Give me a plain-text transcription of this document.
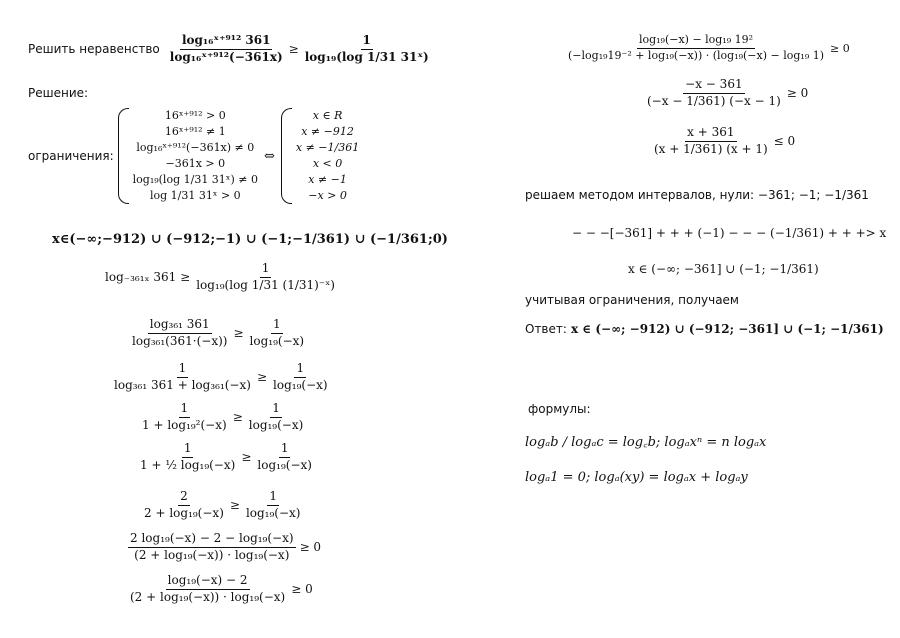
Решить неравенство $\frac{\text{log₁₆ˣ⁺⁹¹² 361}}{\text{log₁₆ˣ⁺⁹¹²(−361x)}} \ge \frac{1}{\text{log₁₉(log 1/31 31ˣ)}}$
Решение:
ограничения:
16ˣ⁺⁹¹² > 0
16ˣ⁺⁹¹² ≠ 1
log₁₆ˣ⁺⁹¹²(−361x) ≠ 0
−361x > 0
log₁₉(log 1/31 31ˣ) ≠ 0
log 1/31 31ˣ > 0
⇔
x ∈ R
x ≠ −912
x ≠ −1/361
x < 0
x ≠ −1
−x > 0
x∈(−∞;−912) ∪ (−912;−1) ∪ (−1;−1/361) ∪ (−1/361;0)
log₋₃₆₁ₓ $361 \ge \frac{1}{\text{log₁₉(log 1/31 (1/31)⁻ˣ)}}$
$\frac{\text{log₃₆₁ 361}}{\text{log₃₆₁(361·(−x))}} \ge \frac{1}{\text{log₁₉(−x)}}$
$\frac{1}{\text{log₃₆₁ 361 + log₃₆₁(−x)}} \ge \frac{1}{\text{log₁₉(−x)}}$
$\frac{1}{\text{1 + log₁₉²(−x)}} \ge \frac{1}{\text{log₁₉(−x)}}$
$\frac{1}{\text{1 + ½ log₁₉(−x)}} \ge \frac{1}{\text{log₁₉(−x)}}$
$\frac{2}{\text{2 + log₁₉(−x)}} \ge \frac{1}{\text{log₁₉(−x)}}$
$\frac{\text{2 log₁₉(−x) − 2 − log₁₉(−x)}}{\text{(2 + log₁₉(−x)) · log₁₉(−x)}} \ge 0$
$\frac{\text{log₁₉(−x) − 2}}{\text{(2 + log₁₉(−x)) · log₁₉(−x)}} \ge 0$
$\frac{\text{log₁₉(−x) − log₁₉ 19²}}{\text{(−log₁₉19⁻² + log₁₉(−x)) · (log₁₉(−x) − log₁₉ 1)}} \ge 0$
$\frac{-x - 361}{(-x - 1/361) (-x - 1)} \ge 0$
$\frac{x + 361}{(x + 1/361) (x + 1)} \le 0$
решаем методом интервалов, нули: −361; −1; −1/361
− − −[−361] + + + (−1) − − − (−1/361) + + +> x
x ∈ (−∞; −361] ∪ (−1; −1/361)
учитывая ограничения, получаем
Ответ: x ∈ (−∞; −912) ∪ (−912; −361] ∪ (−1; −1/361)
формулы:
logₐb / logₐc = log꜀b; logₐxⁿ = n logₐx
logₐ1 = 0; logₐ(xy) = logₐx + logₐy
